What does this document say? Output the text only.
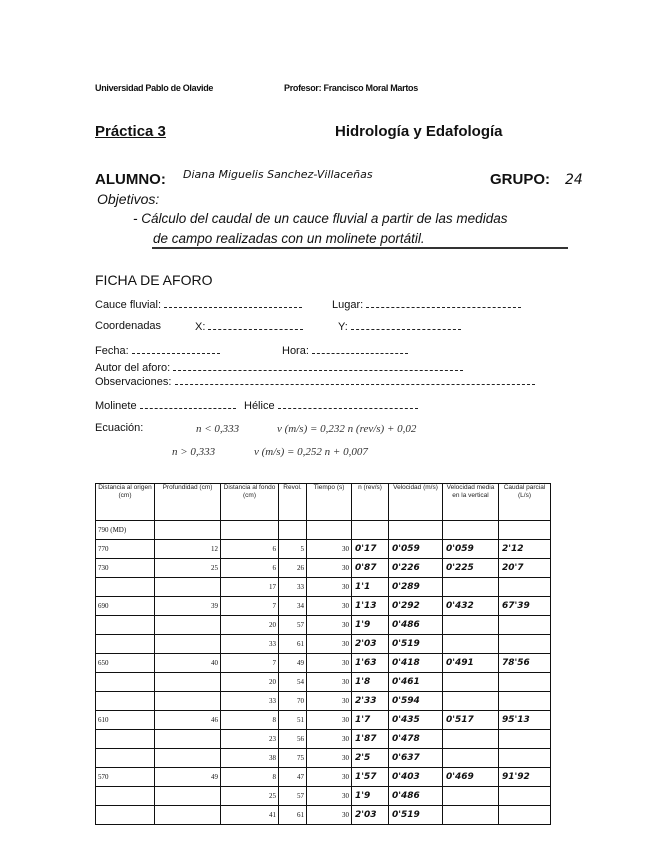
Universidad Pablo de Olavide	Profesor: Francisco Moral Martos
Práctica 3	Hidrología y Edafología
ALUMNO: Diana Miguelis Sanchez-Villaceñas	GRUPO: 24
Objetivos:
- Cálculo del caudal de un cauce fluvial a partir de las medidas
de campo realizadas con un molinete portátil.
FICHA DE AFORO
Cauce fluvial:	Lugar:
Coordenadas	X:	Y:
Fecha:	Hora:
Autor del aforo:
Observaciones:
Molinete	Hélice
Ecuación:	n < 0,333	v (m/s) = 0,232 n (rev/s) + 0,02
n > 0,333	v (m/s) = 0,252 n + 0,007
Distancia al origen (cm)	Profundidad (cm)	Distancia al fondo (cm)	Revol.	Tiempo (s)	n (rev/s)	Velocidad (m/s)	Velocidad media en la vertical	Caudal parcial (L/s)
790 (MD)								
770	12	6	5	30	0'17	0'059	0'059	2'12
730	25	6	26	30	0'87	0'226	0'225	20'7
		17	33	30	1'1	0'289		
690	39	7	34	30	1'13	0'292	0'432	67'39
		20	57	30	1'9	0'486		
		33	61	30	2'03	0'519		
650	40	7	49	30	1'63	0'418	0'491	78'56
		20	54	30	1'8	0'461		
		33	70	30	2'33	0'594		
610	46	8	51	30	1'7	0'435	0'517	95'13
		23	56	30	1'87	0'478		
		38	75	30	2'5	0'637		
570	49	8	47	30	1'57	0'403	0'469	91'92
		25	57	30	1'9	0'486		
		41	61	30	2'03	0'519		
